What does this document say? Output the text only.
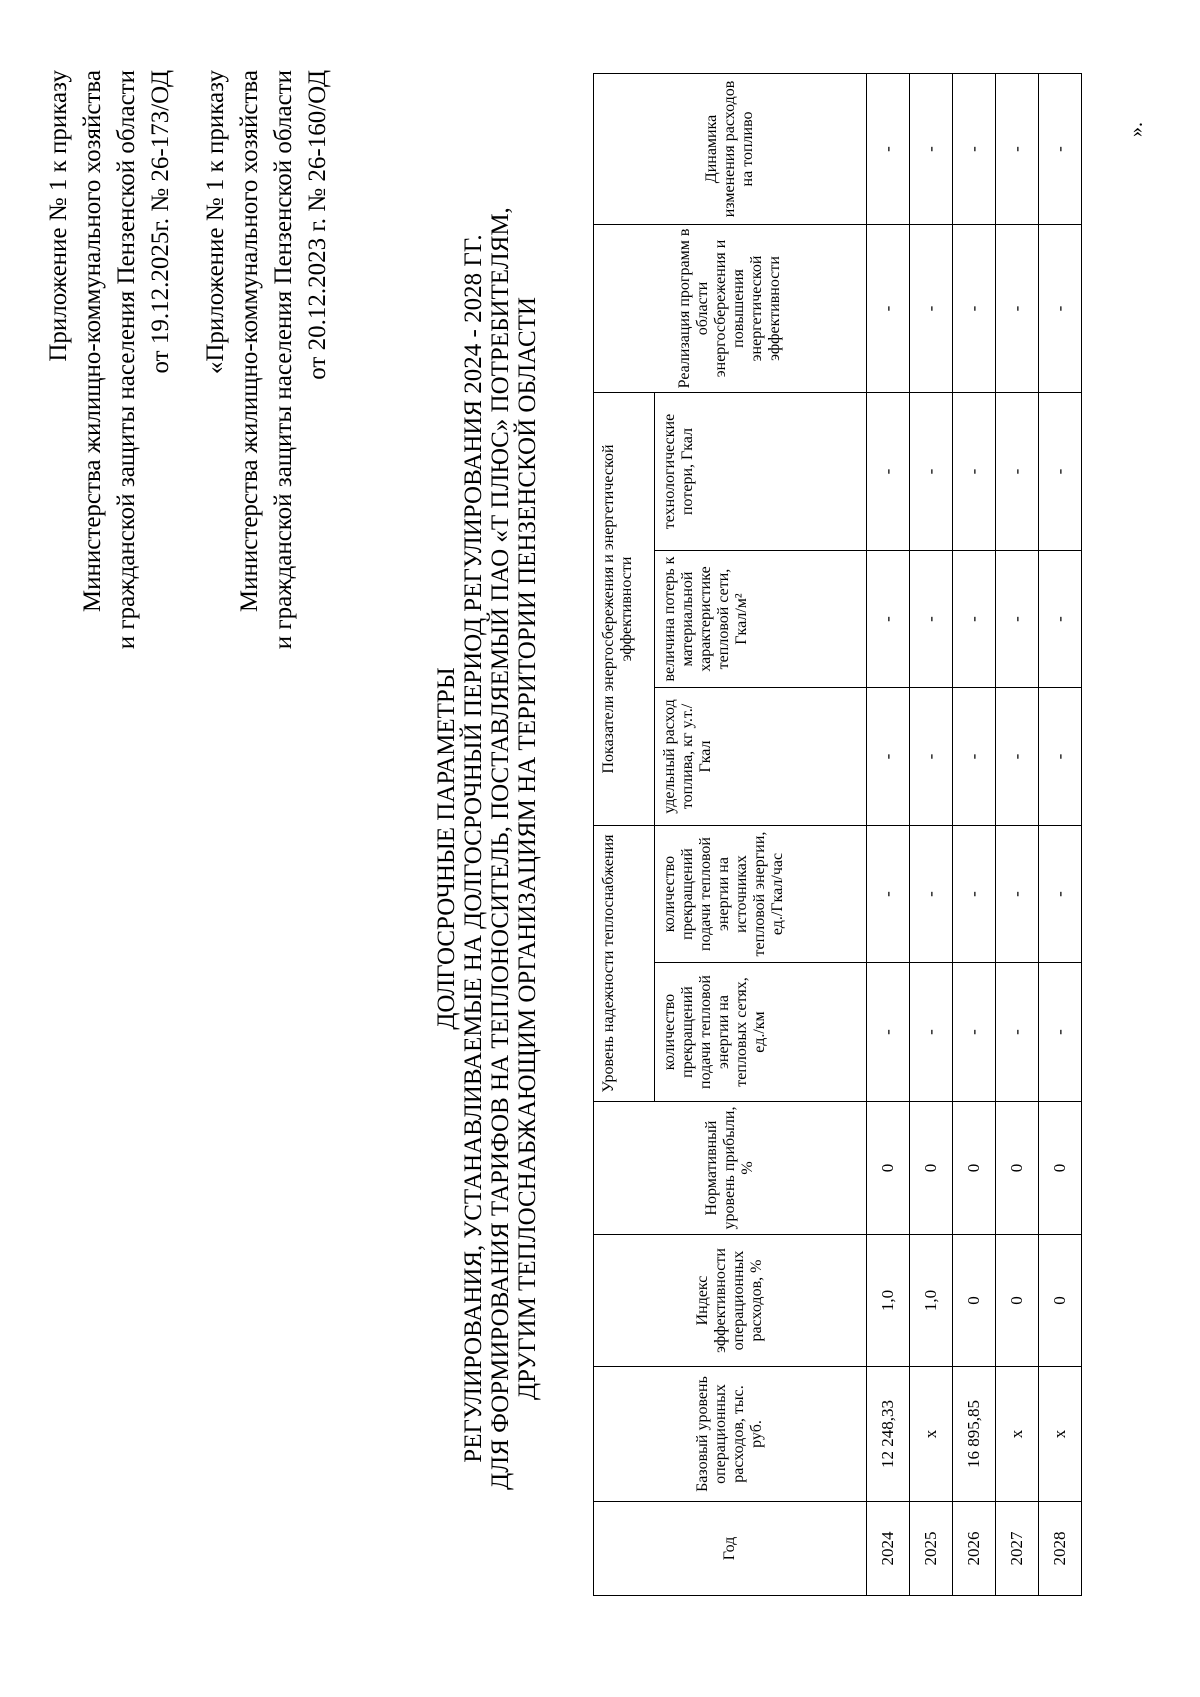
Приложение № 1 к приказу Министерства жилищно-коммунального хозяйства и гражданской защиты населения Пензенской области от 19.12.2025г. № 26-173/ОД «Приложение № 1 к приказу Министерства жилищно-коммунального хозяйства и гражданской защиты населения Пензенской области от 20.12.2023 г. № 26-160/ОД
ДОЛГОСРОЧНЫЕ ПАРАМЕТРЫ РЕГУЛИРОВАНИЯ, УСТАНАВЛИВАЕМЫЕ НА ДОЛГОСРОЧНЫЙ ПЕРИОД РЕГУЛИРОВАНИЯ 2024 - 2028 ГГ. ДЛЯ ФОРМИРОВАНИЯ ТАРИФОВ НА ТЕПЛОНОСИТЕЛЬ, ПОСТАВЛЯЕМЫЙ ПАО «Т ПЛЮС» ПОТРЕБИТЕЛЯМ, ДРУГИМ ТЕПЛОСНАБЖАЮЩИМ ОРГАНИЗАЦИЯМ НА ТЕРРИТОРИИ ПЕНЗЕНСКОЙ ОБЛАСТИ
Год	Базовый уровень операционных расходов, тыс. руб.	Индекс эффективности операционных расходов, %	Нормативный уровень прибыли, %	Уровень надежности теплоснабжения		Показатели энергосбережения и энергетической эффективности			Реализация программ в области энергосбережения и повышения энергетической эффективности	Динамика изменения расходов на топливо
				количество прекращений подачи тепловой энергии на тепловых сетях, ед./км	количество прекращений подачи тепловой энергии на источниках тепловой энергии, ед./Гкал/час	удельный расход топлива, кг у.т./Гкал	величина потерь к материальной характеристике тепловой сети, Гкал/м²	технологические потери, Гкал		
2024	12 248,33	1,0	0	-	-	-	-	-	-	-
2025	х	1,0	0	-	-	-	-	-	-	-
2026	16 895,85	0	0	-	-	-	-	-	-	-
2027	х	0	0	-	-	-	-	-	-	-
2028	х	0	0	-	-	-	-	-	-	-
».
